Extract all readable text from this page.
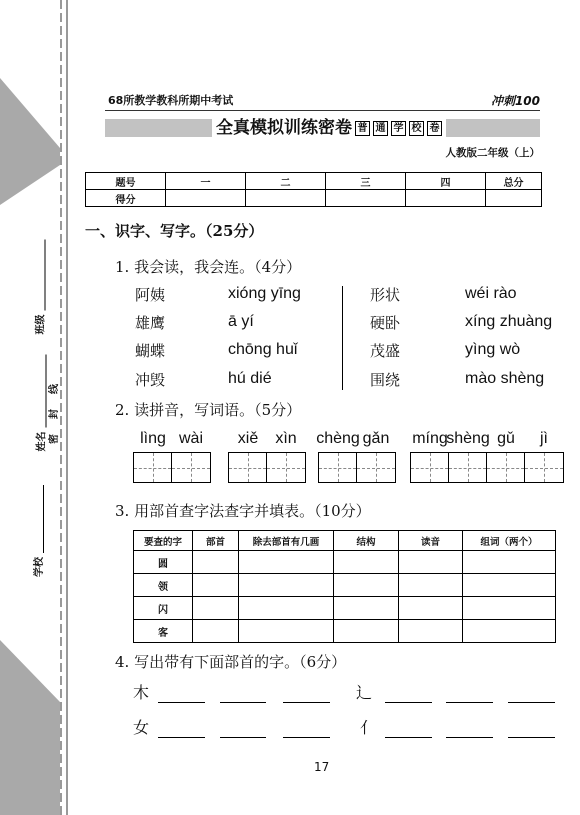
班级
姓名
学校
密
封
线
68所教学教科所期中考试	冲刺100
全真模拟训练密卷 普 通 学 校 卷
人教版二年级（上）
题号	一	二	三	四	总分
得分					
一、识字、写字。（25分）
1. 我会读，我会连。（4分）
阿姨	xióng yīng	形状	wéi rào
雄鹰	ā yí	硬卧	xíng zhuàng
蝴蝶	chōng huǐ	茂盛	yìng wò
冲毁	hú dié	围绕	mào shèng
2. 读拼音，写词语。（5分）
lìng wài	xiě	xìn	chèng gǎn	míng
shèng gǔ	jì
3. 用部首查字法查字并填表。（10分）
要查的字	部首	除去部首有几画	结构	读音	组词（两个）
圆					
领					
闪					
客					
4. 写出带有下面部首的字。（6分）
木	辶
女	亻
17
